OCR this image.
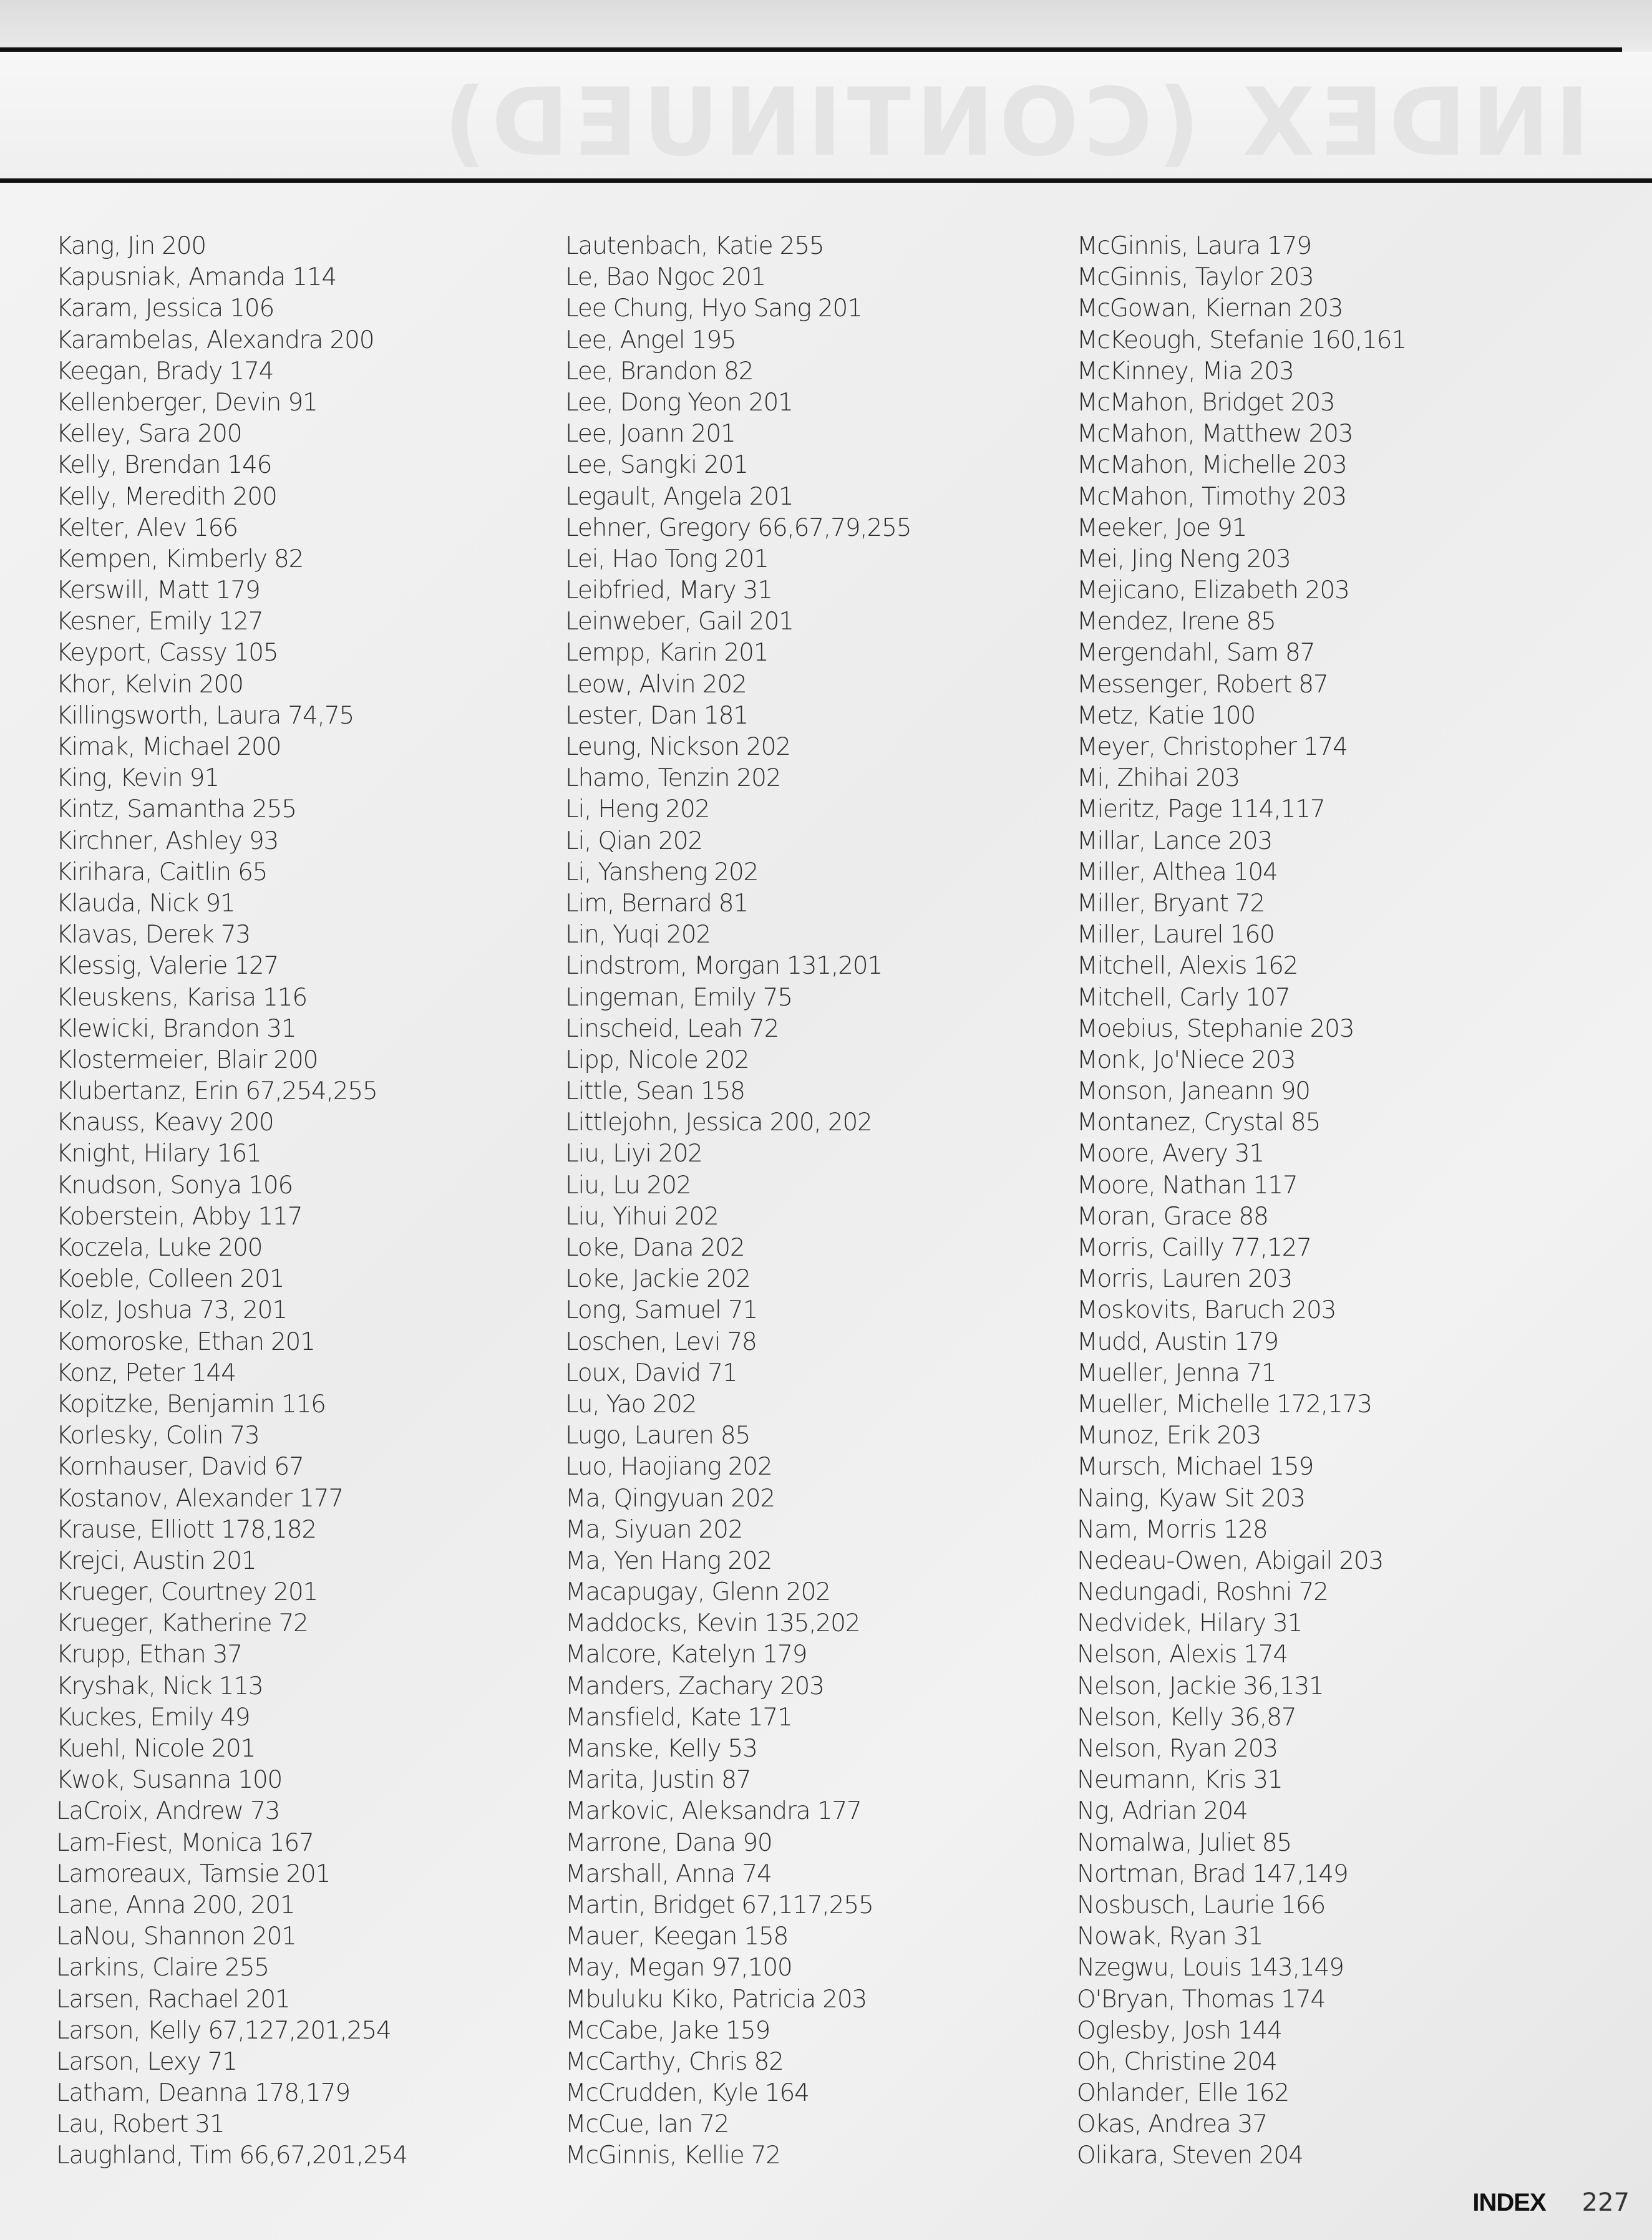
INDEX (CONTINUED)
Kang, Jin 200
Kapusniak, Amanda 114
Karam, Jessica 106
Karambelas, Alexandra 200
Keegan, Brady 174
Kellenberger, Devin 91
Kelley, Sara 200
Kelly, Brendan 146
Kelly, Meredith 200
Kelter, Alev 166
Kempen, Kimberly 82
Kerswill, Matt 179
Kesner, Emily 127
Keyport, Cassy 105
Khor, Kelvin 200
Killingsworth, Laura 74,75
Kimak, Michael 200
King, Kevin 91
Kintz, Samantha 255
Kirchner, Ashley 93
Kirihara, Caitlin 65
Klauda, Nick 91
Klavas, Derek 73
Klessig, Valerie 127
Kleuskens, Karisa 116
Klewicki, Brandon 31
Klostermeier, Blair 200
Klubertanz, Erin 67,254,255
Knauss, Keavy 200
Knight, Hilary 161
Knudson, Sonya 106
Koberstein, Abby 117
Koczela, Luke 200
Koeble, Colleen 201
Kolz, Joshua 73, 201
Komoroske, Ethan 201
Konz, Peter 144
Kopitzke, Benjamin 116
Korlesky, Colin 73
Kornhauser, David 67
Kostanov, Alexander 177
Krause, Elliott 178,182
Krejci, Austin 201
Krueger, Courtney 201
Krueger, Katherine 72
Krupp, Ethan 37
Kryshak, Nick 113
Kuckes, Emily 49
Kuehl, Nicole 201
Kwok, Susanna 100
LaCroix, Andrew 73
Lam-Fiest, Monica 167
Lamoreaux, Tamsie 201
Lane, Anna 200, 201
LaNou, Shannon 201
Larkins, Claire 255
Larsen, Rachael 201
Larson, Kelly 67,127,201,254
Larson, Lexy 71
Latham, Deanna 178,179
Lau, Robert 31
Laughland, Tim 66,67,201,254
Lautenbach, Katie 255
Le, Bao Ngoc 201
Lee Chung, Hyo Sang 201
Lee, Angel 195
Lee, Brandon 82
Lee, Dong Yeon 201
Lee, Joann 201
Lee, Sangki 201
Legault, Angela 201
Lehner, Gregory 66,67,79,255
Lei, Hao Tong 201
Leibfried, Mary 31
Leinweber, Gail 201
Lempp, Karin 201
Leow, Alvin 202
Lester, Dan 181
Leung, Nickson 202
Lhamo, Tenzin 202
Li, Heng 202
Li, Qian 202
Li, Yansheng 202
Lim, Bernard 81
Lin, Yuqi 202
Lindstrom, Morgan 131,201
Lingeman, Emily 75
Linscheid, Leah 72
Lipp, Nicole 202
Little, Sean 158
Littlejohn, Jessica 200, 202
Liu, Liyi 202
Liu, Lu 202
Liu, Yihui 202
Loke, Dana 202
Loke, Jackie 202
Long, Samuel 71
Loschen, Levi 78
Loux, David 71
Lu, Yao 202
Lugo, Lauren 85
Luo, Haojiang 202
Ma, Qingyuan 202
Ma, Siyuan 202
Ma, Yen Hang 202
Macapugay, Glenn 202
Maddocks, Kevin 135,202
Malcore, Katelyn 179
Manders, Zachary 203
Mansfield, Kate 171
Manske, Kelly 53
Marita, Justin 87
Markovic, Aleksandra 177
Marrone, Dana 90
Marshall, Anna 74
Martin, Bridget 67,117,255
Mauer, Keegan 158
May, Megan 97,100
Mbuluku Kiko, Patricia 203
McCabe, Jake 159
McCarthy, Chris 82
McCrudden, Kyle 164
McCue, Ian 72
McGinnis, Kellie 72
McGinnis, Laura 179
McGinnis, Taylor 203
McGowan, Kiernan 203
McKeough, Stefanie 160,161
McKinney, Mia 203
McMahon, Bridget 203
McMahon, Matthew 203
McMahon, Michelle 203
McMahon, Timothy 203
Meeker, Joe 91
Mei, Jing Neng 203
Mejicano, Elizabeth 203
Mendez, Irene 85
Mergendahl, Sam 87
Messenger, Robert 87
Metz, Katie 100
Meyer, Christopher 174
Mi, Zhihai 203
Mieritz, Page 114,117
Millar, Lance 203
Miller, Althea 104
Miller, Bryant 72
Miller, Laurel 160
Mitchell, Alexis 162
Mitchell, Carly 107
Moebius, Stephanie 203
Monk, Jo'Niece 203
Monson, Janeann 90
Montanez, Crystal 85
Moore, Avery 31
Moore, Nathan 117
Moran, Grace 88
Morris, Cailly 77,127
Morris, Lauren 203
Moskovits, Baruch 203
Mudd, Austin 179
Mueller, Jenna 71
Mueller, Michelle 172,173
Munoz, Erik 203
Mursch, Michael 159
Naing, Kyaw Sit 203
Nam, Morris 128
Nedeau-Owen, Abigail 203
Nedungadi, Roshni 72
Nedvidek, Hilary 31
Nelson, Alexis 174
Nelson, Jackie 36,131
Nelson, Kelly 36,87
Nelson, Ryan 203
Neumann, Kris 31
Ng, Adrian 204
Nomalwa, Juliet 85
Nortman, Brad 147,149
Nosbusch, Laurie 166
Nowak, Ryan 31
Nzegwu, Louis 143,149
O'Bryan, Thomas 174
Oglesby, Josh 144
Oh, Christine 204
Ohlander, Elle 162
Okas, Andrea 37
Olikara, Steven 204
INDEX 227
